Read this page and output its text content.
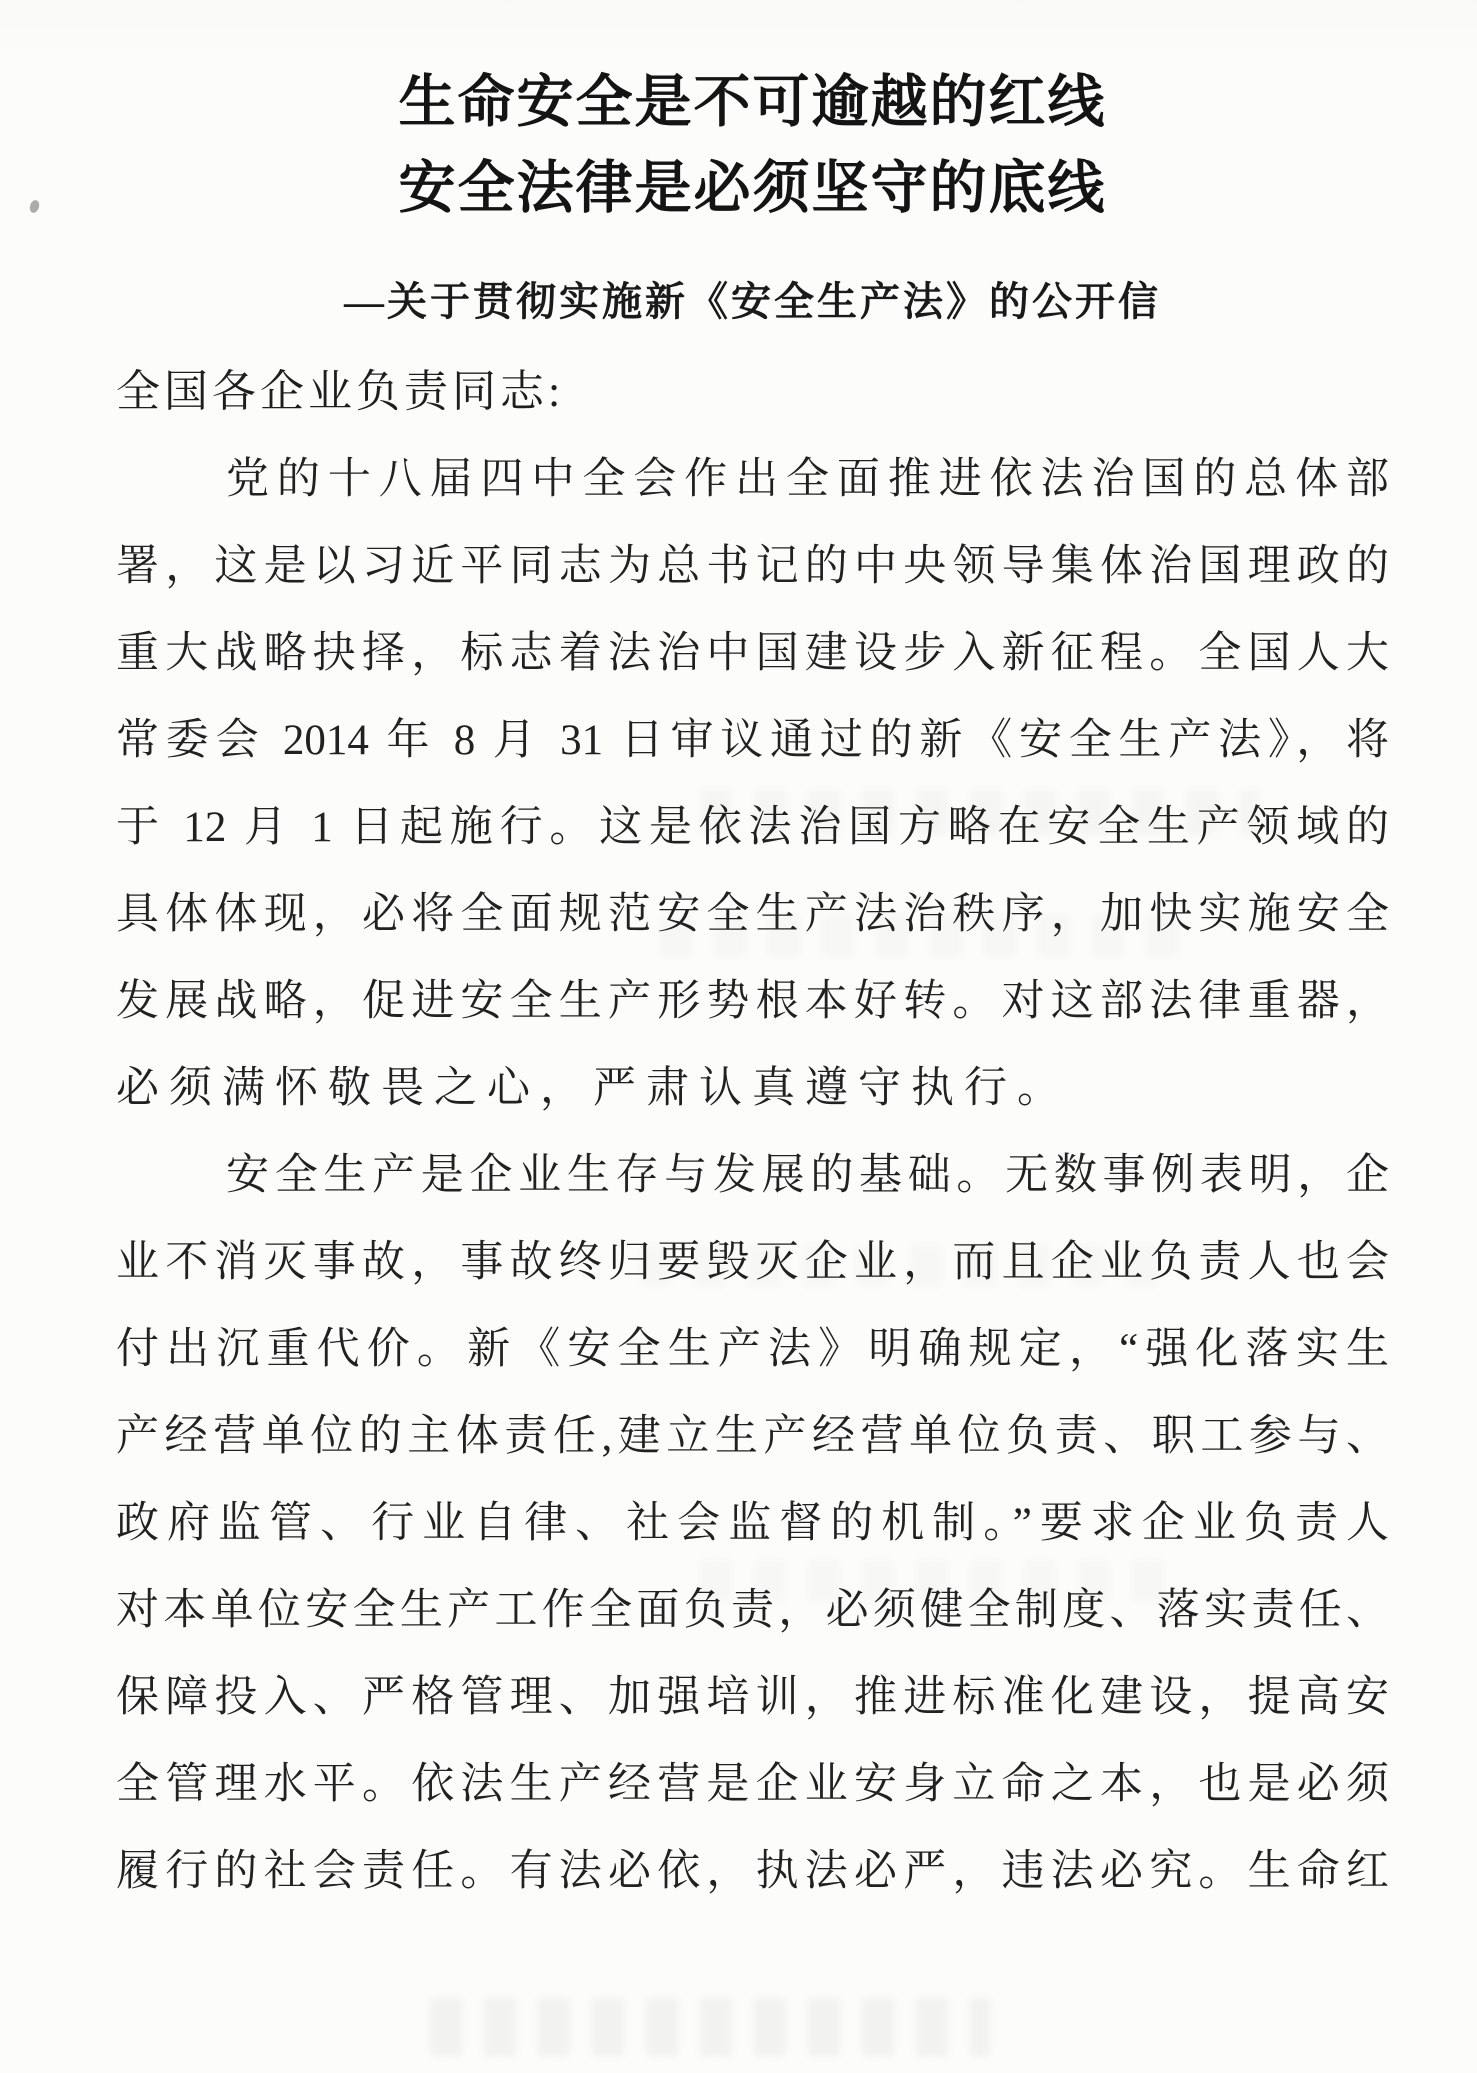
生命安全是不可逾越的红线
安全法律是必须坚守的底线
—关于贯彻实施新《安全生产法》的公开信
全国各企业负责同志:
党的十八届四中全会作出全面推进依法治国的总体部
署，这是以习近平同志为总书记的中央领导集体治国理政的
重大战略抉择，标志着法治中国建设步入新征程。全国人大
常委会 2014 年 8 月 31 日审议通过的新《安全生产法》，将
于 12 月 1 日起施行。这是依法治国方略在安全生产领域的
具体体现，必将全面规范安全生产法治秩序，加快实施安全
发展战略，促进安全生产形势根本好转。对这部法律重器，
必须满怀敬畏之心，严肃认真遵守执行。
安全生产是企业生存与发展的基础。无数事例表明，企
业不消灭事故，事故终归要毁灭企业，而且企业负责人也会
付出沉重代价。新《安全生产法》明确规定，“强化落实生
产经营单位的主体责任,建立生产经营单位负责、职工参与、
政府监管、行业自律、社会监督的机制。”要求企业负责人
对本单位安全生产工作全面负责，必须健全制度、落实责任、
保障投入、严格管理、加强培训，推进标准化建设，提高安
全管理水平。依法生产经营是企业安身立命之本，也是必须
履行的社会责任。有法必依，执法必严，违法必究。生命红
